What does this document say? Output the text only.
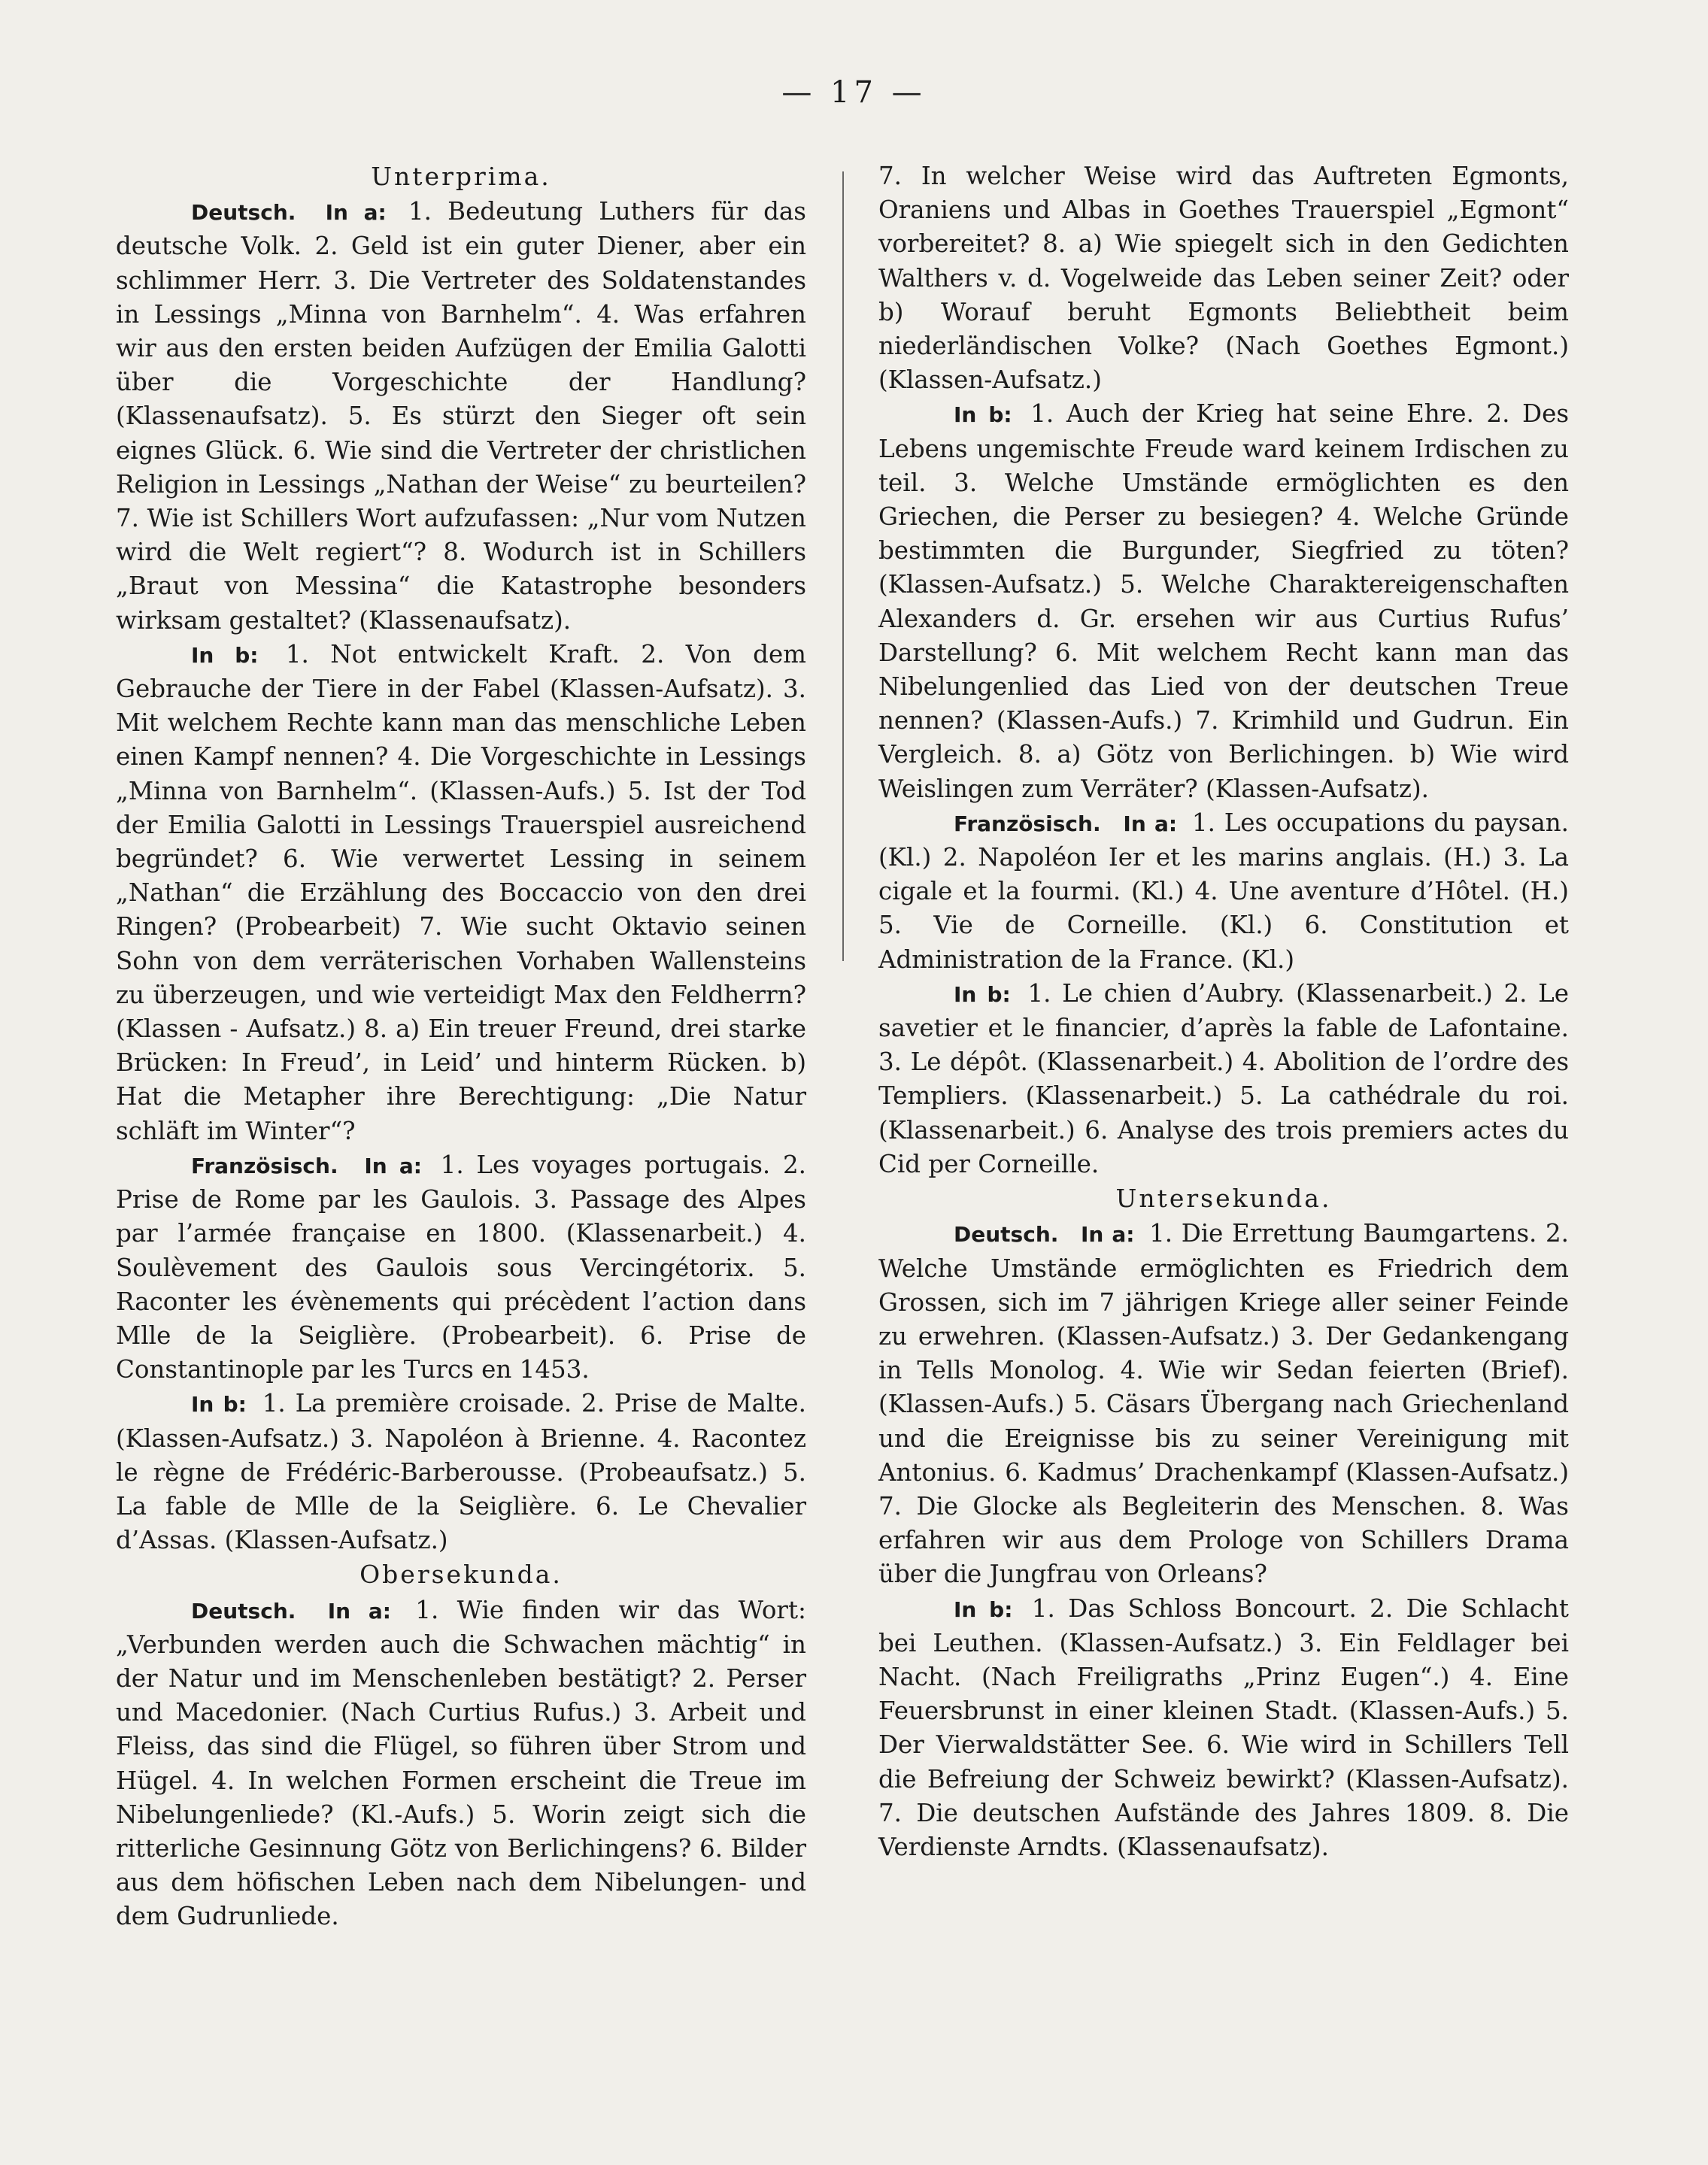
— 17 —
Unterprima.

Deutsch. In a: 1. Bedeutung Luthers für das deutsche Volk. 2. Geld ist ein guter Diener, aber ein schlimmer Herr. 3. Die Vertreter des Soldatenstandes in Lessings „Minna von Barnhelm“. 4. Was erfahren wir aus den ersten beiden Aufzügen der Emilia Galotti über die Vorgeschichte der Handlung? (Klassenaufsatz). 5. Es stürzt den Sieger oft sein eignes Glück. 6. Wie sind die Vertreter der christlichen Religion in Lessings „Nathan der Weise“ zu beurteilen? 7. Wie ist Schillers Wort aufzufassen: „Nur vom Nutzen wird die Welt regiert“? 8. Wodurch ist in Schillers „Braut von Messina“ die Katastrophe besonders wirksam gestaltet? (Klassenaufsatz).

In b: 1. Not entwickelt Kraft. 2. Von dem Gebrauche der Tiere in der Fabel (Klassen-Aufsatz). 3. Mit welchem Rechte kann man das menschliche Leben einen Kampf nennen? 4. Die Vorgeschichte in Lessings „Minna von Barnhelm“. (Klassen-Aufs.) 5. Ist der Tod der Emilia Galotti in Lessings Trauerspiel ausreichend begründet? 6. Wie verwertet Lessing in seinem „Nathan“ die Erzählung des Boccaccio von den drei Ringen? (Probearbeit) 7. Wie sucht Oktavio seinen Sohn von dem verräterischen Vorhaben Wallensteins zu überzeugen, und wie verteidigt Max den Feldherrn? (Klassen - Aufsatz.) 8. a) Ein treuer Freund, drei starke Brücken: In Freud’, in Leid’ und hinterm Rücken. b) Hat die Metapher ihre Berechtigung: „Die Natur schläft im Winter“?

Französisch. In a: 1. Les voyages portugais. 2. Prise de Rome par les Gaulois. 3. Passage des Alpes par l’armée française en 1800. (Klassenarbeit.) 4. Soulèvement des Gaulois sous Vercingétorix. 5. Raconter les évènements qui précèdent l’action dans Mlle de la Seiglière. (Probearbeit). 6. Prise de Constantinople par les Turcs en 1453.

In b: 1. La première croisade. 2. Prise de Malte. (Klassen-Aufsatz.) 3. Napoléon à Brienne. 4. Racontez le règne de Frédéric-Barberousse. (Probeaufsatz.) 5. La fable de Mlle de la Seiglière. 6. Le Chevalier d’Assas. (Klassen-Aufsatz.)

Obersekunda.

Deutsch. In a: 1. Wie finden wir das Wort: „Verbunden werden auch die Schwachen mächtig“ in der Natur und im Menschenleben bestätigt? 2. Perser und Macedonier. (Nach Curtius Rufus.) 3. Arbeit und Fleiss, das sind die Flügel, so führen über Strom und Hügel. 4. In welchen Formen erscheint die Treue im Nibelungenliede? (Kl.-Aufs.) 5. Worin zeigt sich die ritterliche Gesinnung Götz von Berlichingens? 6. Bilder aus dem höfischen Leben nach dem Nibelungen- und dem Gudrunliede.

7. In welcher Weise wird das Auftreten Egmonts, Oraniens und Albas in Goethes Trauerspiel „Egmont“ vorbereitet? 8. a) Wie spiegelt sich in den Gedichten Walthers v. d. Vogelweide das Leben seiner Zeit? oder b) Worauf beruht Egmonts Beliebtheit beim niederländischen Volke? (Nach Goethes Egmont.) (Klassen-Aufsatz.)

In b: 1. Auch der Krieg hat seine Ehre. 2. Des Lebens ungemischte Freude ward keinem Irdischen zu teil. 3. Welche Umstände ermöglichten es den Griechen, die Perser zu besiegen? 4. Welche Gründe bestimmten die Burgunder, Siegfried zu töten? (Klassen-Aufsatz.) 5. Welche Charaktereigenschaften Alexanders d. Gr. ersehen wir aus Curtius Rufus’ Darstellung? 6. Mit welchem Recht kann man das Nibelungenlied das Lied von der deutschen Treue nennen? (Klassen-Aufs.) 7. Krimhild und Gudrun. Ein Vergleich. 8. a) Götz von Berlichingen. b) Wie wird Weislingen zum Verräter? (Klassen-Aufsatz).

Französisch. In a: 1. Les occupations du paysan. (Kl.) 2. Napoléon Ier et les marins anglais. (H.) 3. La cigale et la fourmi. (Kl.) 4. Une aventure d’Hôtel. (H.) 5. Vie de Corneille. (Kl.) 6. Constitution et Administration de la France. (Kl.)

In b: 1. Le chien d’Aubry. (Klassenarbeit.) 2. Le savetier et le financier, d’après la fable de Lafontaine. 3. Le dépôt. (Klassenarbeit.) 4. Abolition de l’ordre des Templiers. (Klassenarbeit.) 5. La cathédrale du roi. (Klassenarbeit.) 6. Analyse des trois premiers actes du Cid per Corneille.

Untersekunda.

Deutsch. In a: 1. Die Errettung Baumgartens. 2. Welche Umstände ermöglichten es Friedrich dem Grossen, sich im 7 jährigen Kriege aller seiner Feinde zu erwehren. (Klassen-Aufsatz.) 3. Der Gedankengang in Tells Monolog. 4. Wie wir Sedan feierten (Brief). (Klassen-Aufs.) 5. Cäsars Übergang nach Griechenland und die Ereignisse bis zu seiner Vereinigung mit Antonius. 6. Kadmus’ Drachenkampf (Klassen-Aufsatz.) 7. Die Glocke als Begleiterin des Menschen. 8. Was erfahren wir aus dem Prologe von Schillers Drama über die Jungfrau von Orleans?

In b: 1. Das Schloss Boncourt. 2. Die Schlacht bei Leuthen. (Klassen-Aufsatz.) 3. Ein Feldlager bei Nacht. (Nach Freiligraths „Prinz Eugen“.) 4. Eine Feuersbrunst in einer kleinen Stadt. (Klassen-Aufs.) 5. Der Vierwaldstätter See. 6. Wie wird in Schillers Tell die Befreiung der Schweiz bewirkt? (Klassen-Aufsatz). 7. Die deutschen Aufstände des Jahres 1809. 8. Die Verdienste Arndts. (Klassenaufsatz).
